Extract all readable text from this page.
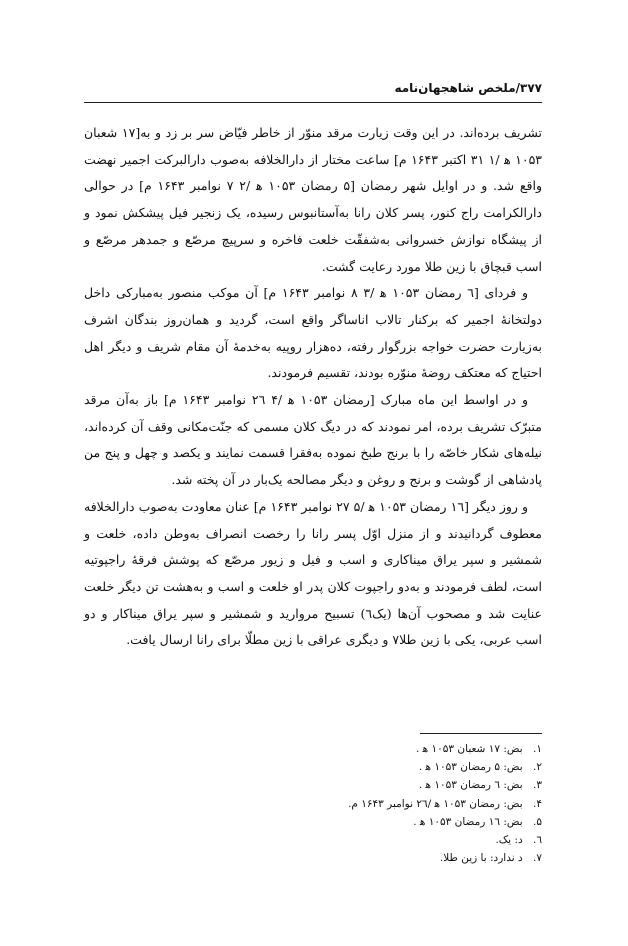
۳۷۷/ملخص شاهجهان‌نامه

تشریف برده‌اند. در این وقت زیارت مرقد منوّر از خاطر فیّاض سر بر زد و به[۱۷ شعبان ۱۰۵۳ ه‍ /۱ ۳۱ اکتبر ۱۶۴۳ م] ساعت مختار از دارالخلافه به‌صوب دارالبرکت اجمیر نهضت واقع شد. و در اوایل شهر رمضان [۵ رمضان ۱۰۵۳ ه‍ /۲ ۷ نوامبر ۱۶۴۳ م] در حوالی دارالکرامت راج کنور، پسر کلان رانا به‌آستانبوس رسیده، یک زنجیر فیل پیشکش نمود و از پیشگاه نوازش خسروانی به‌شفقّت خلعت فاخره و سرپیچ مرصّع و جمدهر مرصّع و اسب قبچاق با زین طلا مورد رعایت گشت.

و فردای [٦ رمضان ۱۰۵۳ ه‍ /۳ ۸ نوامبر ۱۶۴۳ م] آن موکب منصور به‌مبارکی داخل دولتخانهٔ اجمیر که برکنار تالاب اناساگر واقع است، گردید و همان‌روز بندگان اشرف به‌زیارت حضرت خواجه بزرگوار رفته، ده‌هزار روپیه به‌خدمهٔ آن مقام شریف و دیگر اهل احتیاج که معتکف روضهٔ منوّره بودند، تقسیم فرمودند.

و در اواسط این ماه مبارک [رمضان ۱۰۵۳ ه‍ /۴ ۲٦ نوامبر ۱۶۴۳ م] باز به‌آن مرقد متبرّک تشریف برده، امر نمودند که در دیگ کلان مسمی که جنّت‌مکانی وقف آن کرده‌اند، نیله‌های شکار خاصّه را با برنج طبخ نموده به‌فقرا قسمت نمایند و یکصد و چهل و پنج من پادشاهی از گوشت و برنج و روغن و دیگر مصالحه یک‌بار در آن پخته شد.

و روز دیگر [۱٦ رمضان ۱۰۵۳ ه‍ /۵ ۲۷ نوامبر ۱۶۴۳ م] عنان معاودت به‌صوب دارالخلافه معطوف گردانیدند و از منزل اوّل پسر رانا را رخصت انصراف به‌وطن داده، خلعت و شمشیر و سپر یراق میناکاری و اسب و فیل و زیور مرصّع که پوشش فرقهٔ راجپوتیه است، لطف فرمودند و به‌دو راجپوت کلان پدر او خلعت و اسب و به‌هشت تن دیگر خلعت عنایت شد و مصحوب آن‌ها (یک٦) تسبیح مروارید و شمشیر و سپر یراق میناکار و دو اسب عربی، یکی با زین طلا۷ و دیگری عراقی با زین مطلّا برای رانا ارسال یافت.

۱. بض: ۱۷ شعبان ۱۰۵۳ ه‍ .
۲. بض: ۵ رمضان ۱۰۵۳ ه‍ .
۳. بض: ٦ رمضان ۱۰۵۳ ه‍ .
۴. بض: رمضان ۱۰۵۳ ه‍ /۲٦ نوامبر ۱۶۴۳ م.
۵. بض: ۱٦ رمضان ۱۰۵۳ ه‍ .
٦. د: یک.
۷. د ندارد: با زین طلا.
